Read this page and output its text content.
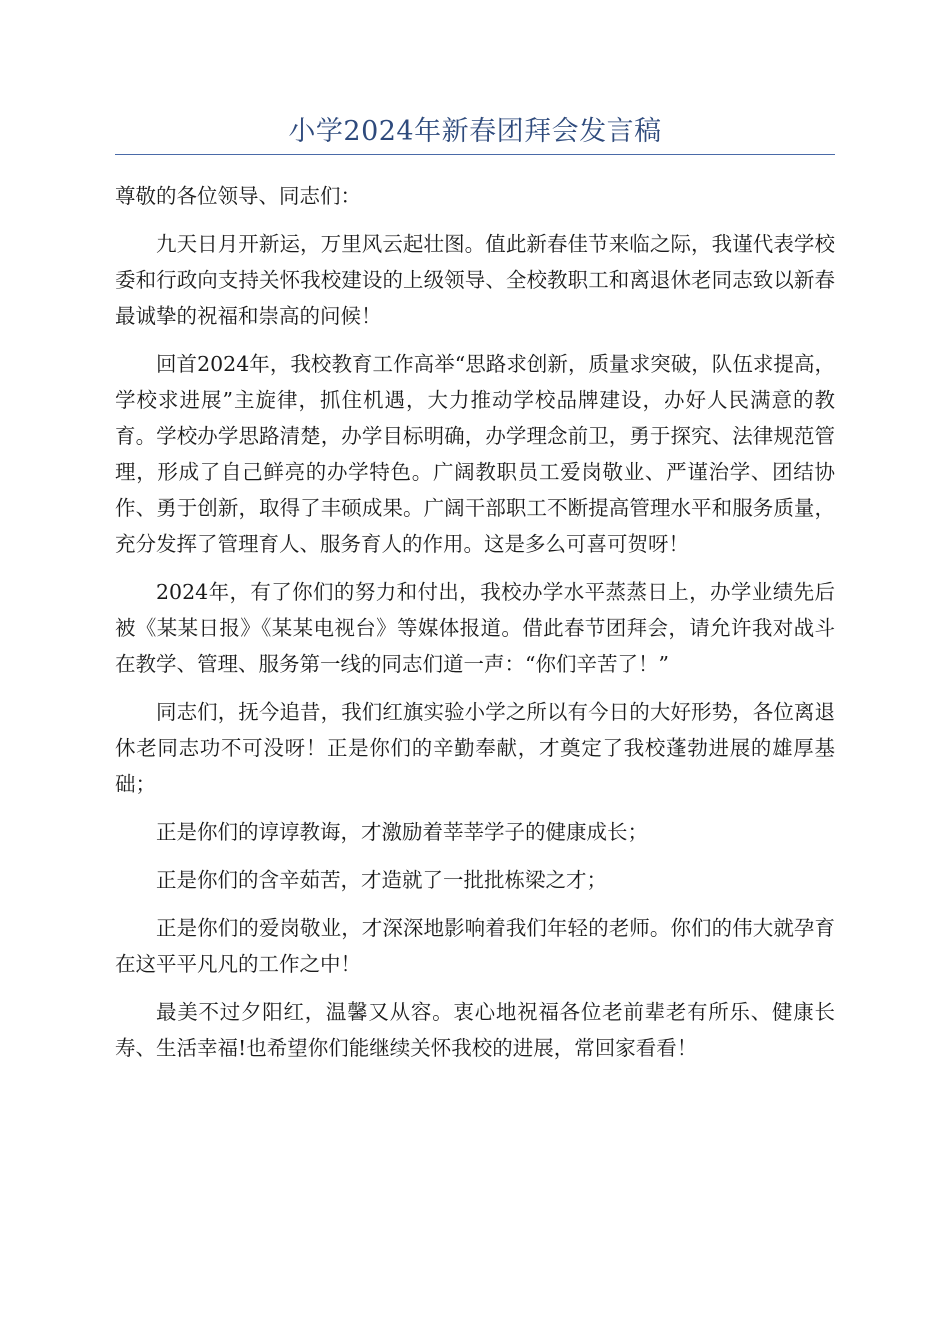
小学2024年新春团拜会发言稿

尊敬的各位领导、同志们：

九天日月开新运，万里风云起壮图。值此新春佳节来临之际，我谨代表学校委和行政向支持关怀我校建设的上级领导、全校教职工和离退休老同志致以新春最诚挚的祝福和崇高的问候！

回首2024年，我校教育工作高举“思路求创新，质量求突破，队伍求提高，学校求进展”主旋律，抓住机遇，大力推动学校品牌建设，办好人民满意的教育。学校办学思路清楚，办学目标明确，办学理念前卫，勇于探究、法律规范管理，形成了自己鲜亮的办学特色。广阔教职员工爱岗敬业、严谨治学、团结协作、勇于创新，取得了丰硕成果。广阔干部职工不断提高管理水平和服务质量，充分发挥了管理育人、服务育人的作用。这是多么可喜可贺呀！

2024年，有了你们的努力和付出，我校办学水平蒸蒸日上，办学业绩先后被《某某日报》《某某电视台》等媒体报道。借此春节团拜会，请允许我对战斗在教学、管理、服务第一线的同志们道一声：“你们辛苦了！”

同志们，抚今追昔，我们红旗实验小学之所以有今日的大好形势，各位离退休老同志功不可没呀！正是你们的辛勤奉献，才奠定了我校蓬勃进展的雄厚基础；

正是你们的谆谆教诲，才激励着莘莘学子的健康成长；

正是你们的含辛茹苦，才造就了一批批栋梁之才；

正是你们的爱岗敬业，才深深地影响着我们年轻的老师。你们的伟大就孕育在这平平凡凡的工作之中！

最美不过夕阳红，温馨又从容。衷心地祝福各位老前辈老有所乐、健康长寿、生活幸福!也希望你们能继续关怀我校的进展，常回家看看！
